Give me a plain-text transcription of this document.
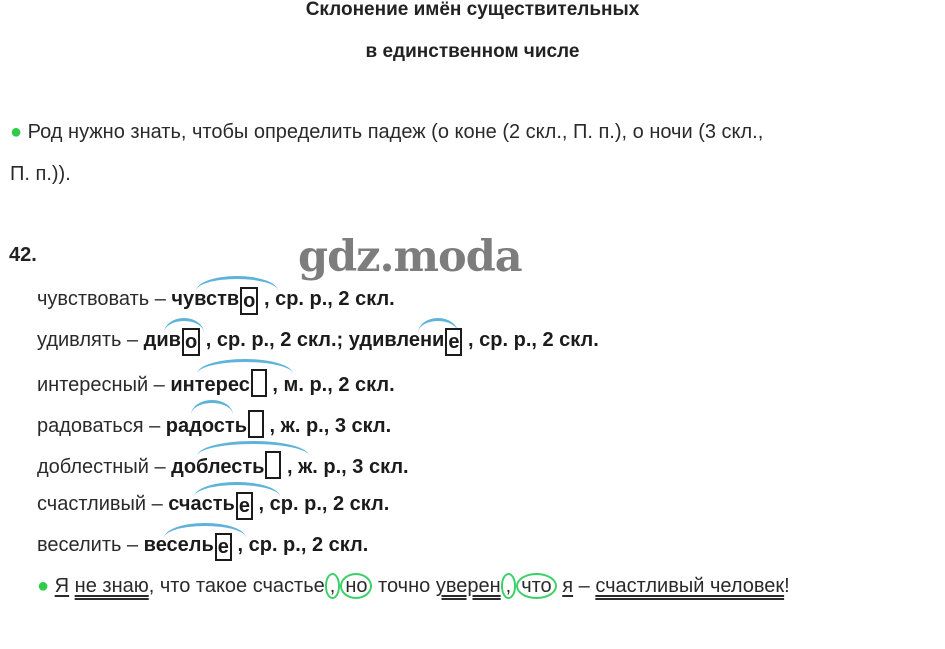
Склонение имён существительных
в единственном числе
● Род нужно знать, чтобы определить падеж (о коне (2 скл., П. п.), о ночи (3 скл.,
П. п.)).
42.	gdz.moda
чувствовать – чувств о , ср. р., 2 скл.
удивлять – див о , ср. р., 2 скл.; удивлени е , ср. р., 2 скл.
интересный – интерес , м. р., 2 скл.
радоваться – радость , ж. р., 3 скл.
доблестный – доблесть , ж. р., 3 скл.
счастливый – счасть е , ср. р., 2 скл.
веселить – весель е , ср. р., 2 скл.
● Я не знаю, что такое счастье , но точно уверен , что я – счастливый человек!
